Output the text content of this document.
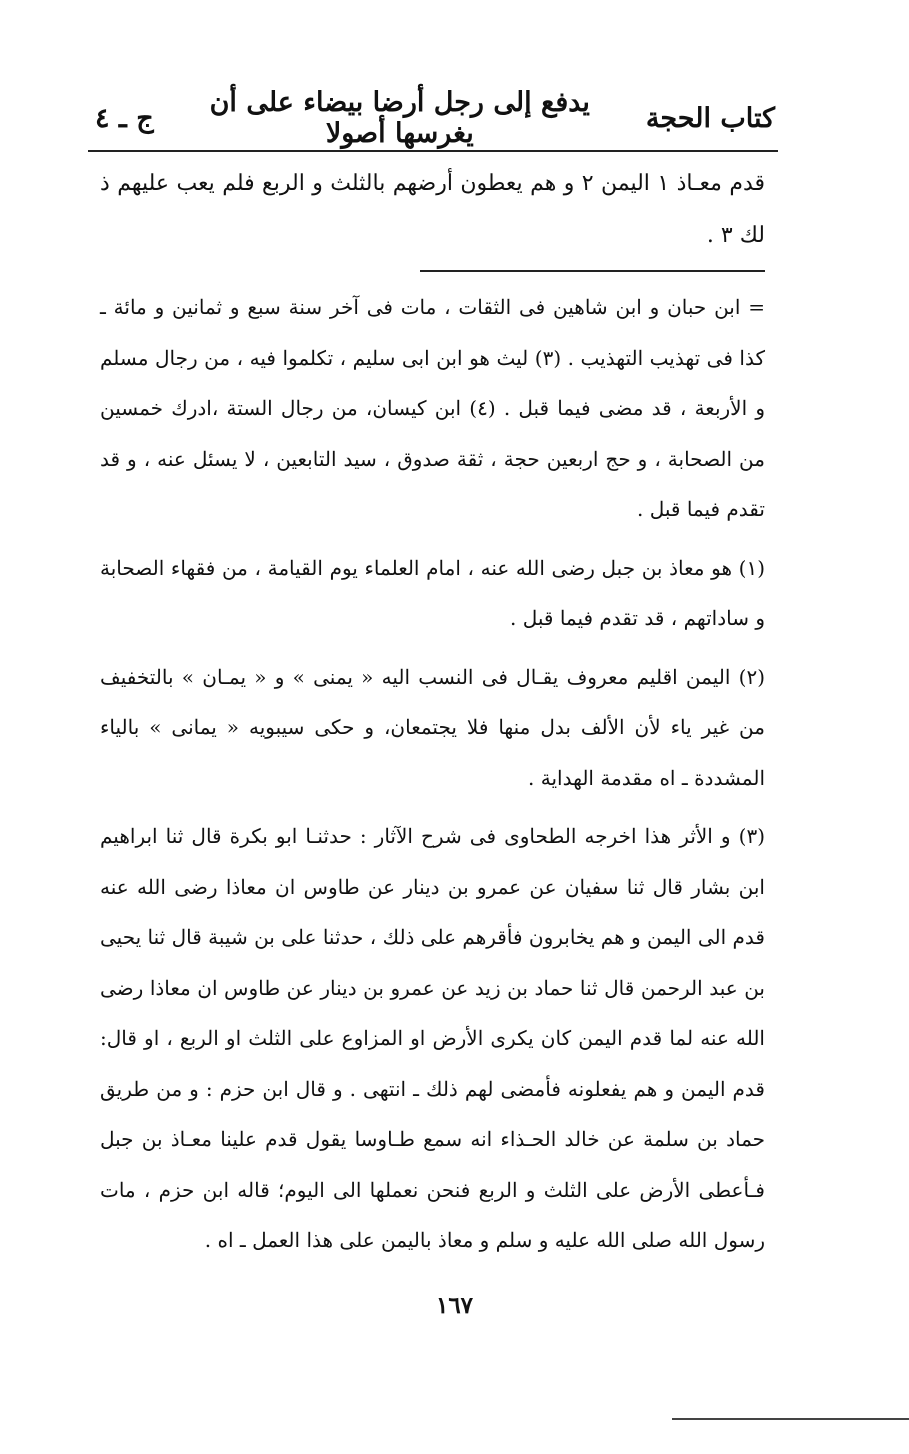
كتاب الحجة
يدفع إلى رجل أرضا بيضاء على أن يغرسها أصولا
ج ـ ٤
قدم معـاذ ١ اليمن ٢ و هم يعطون أرضهم بالثلث و الربع فلم يعب عليهم ذ لك ٣ .

= ابن حبان و ابن شاهين فى الثقات ، مات فى آخر سنة سبع و ثمانين و مائة ـ كذا فى تهذيب التهذيب . (٣) ليث هو ابن ابى سليم ، تكلموا فيه ، من رجال مسلم و الأربعة ، قد مضى فيما قبل . (٤) ابن كيسان، من رجال الستة ،ادرك خمسين من الصحابة ، و حج اربعين حجة ، ثقة صدوق ، سيد التابعين ، لا يسئل عنه ، و قد تقدم فيما قبل .

(١) هو معاذ بن جبل رضى الله عنه ، امام العلماء يوم القيامة ، من فقهاء الصحابة و ساداتهم ، قد تقدم فيما قبل .

(٢) اليمن اقليم معروف يقـال فى النسب اليه « يمنى » و « يمـان » بالتخفيف من غير ياء لأن الألف بدل منها فلا يجتمعان، و حكى سيبويه « يمانى » بالياء المشددة ـ اه مقدمة الهداية .

(٣) و الأثر هذا اخرجه الطحاوى فى شرح الآثار : حدثنـا ابو بكرة قال ثنا ابراهيم ابن بشار قال ثنا سفيان عن عمرو بن دينار عن طاوس ان معاذا رضى الله عنه قدم الى اليمن و هم يخابرون فأقرهم على ذلك ، حدثنا على بن شيبة قال ثنا يحيى بن عبد الرحمن قال ثنا حماد بن زيد عن عمرو بن دينار عن طاوس ان معاذا رضى الله عنه لما قدم اليمن كان يكرى الأرض او المزاوع على الثلث او الربع ، او قال: قدم اليمن و هم يفعلونه فأمضى لهم ذلك ـ انتهى . و قال ابن حزم : و من طريق حماد بن سلمة عن خالد الحـذاء انه سمع طـاوسا يقول قدم علينا معـاذ بن جبل فـأعطى الأرض على الثلث و الربع فنحن نعملها الى اليوم؛ قاله ابن حزم ، مات رسول الله صلى الله عليه و سلم و معاذ باليمن على هذا العمل ـ اه .

١٦٧
